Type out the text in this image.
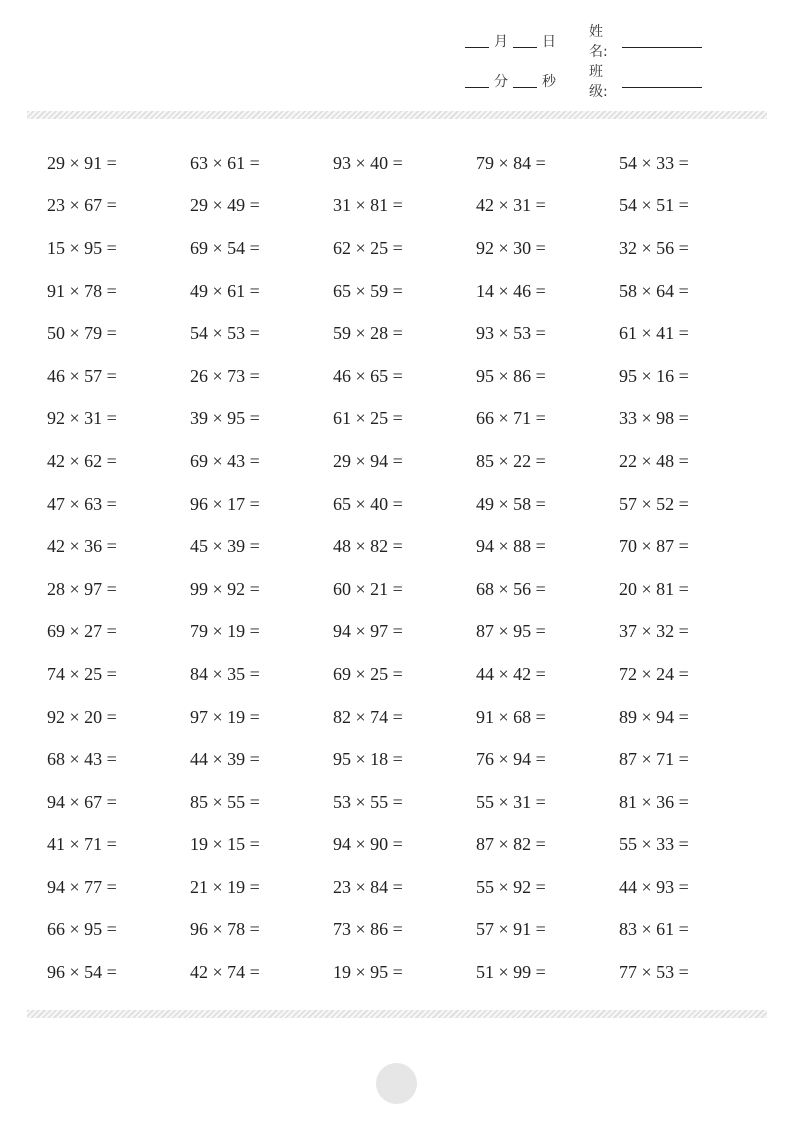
月 日
姓名:
分 秒
班级:
29 × 91 =	63 × 61 =	93 × 40 =	79 × 84 =	54 × 33 =
23 × 67 =	29 × 49 =	31 × 81 =	42 × 31 =	54 × 51 =
15 × 95 =	69 × 54 =	62 × 25 =	92 × 30 =	32 × 56 =
91 × 78 =	49 × 61 =	65 × 59 =	14 × 46 =	58 × 64 =
50 × 79 =	54 × 53 =	59 × 28 =	93 × 53 =	61 × 41 =
46 × 57 =	26 × 73 =	46 × 65 =	95 × 86 =	95 × 16 =
92 × 31 =	39 × 95 =	61 × 25 =	66 × 71 =	33 × 98 =
42 × 62 =	69 × 43 =	29 × 94 =	85 × 22 =	22 × 48 =
47 × 63 =	96 × 17 =	65 × 40 =	49 × 58 =	57 × 52 =
42 × 36 =	45 × 39 =	48 × 82 =	94 × 88 =	70 × 87 =
28 × 97 =	99 × 92 =	60 × 21 =	68 × 56 =	20 × 81 =
69 × 27 =	79 × 19 =	94 × 97 =	87 × 95 =	37 × 32 =
74 × 25 =	84 × 35 =	69 × 25 =	44 × 42 =	72 × 24 =
92 × 20 =	97 × 19 =	82 × 74 =	91 × 68 =	89 × 94 =
68 × 43 =	44 × 39 =	95 × 18 =	76 × 94 =	87 × 71 =
94 × 67 =	85 × 55 =	53 × 55 =	55 × 31 =	81 × 36 =
41 × 71 =	19 × 15 =	94 × 90 =	87 × 82 =	55 × 33 =
94 × 77 =	21 × 19 =	23 × 84 =	55 × 92 =	44 × 93 =
66 × 95 =	96 × 78 =	73 × 86 =	57 × 91 =	83 × 61 =
96 × 54 =	42 × 74 =	19 × 95 =	51 × 99 =	77 × 53 =
